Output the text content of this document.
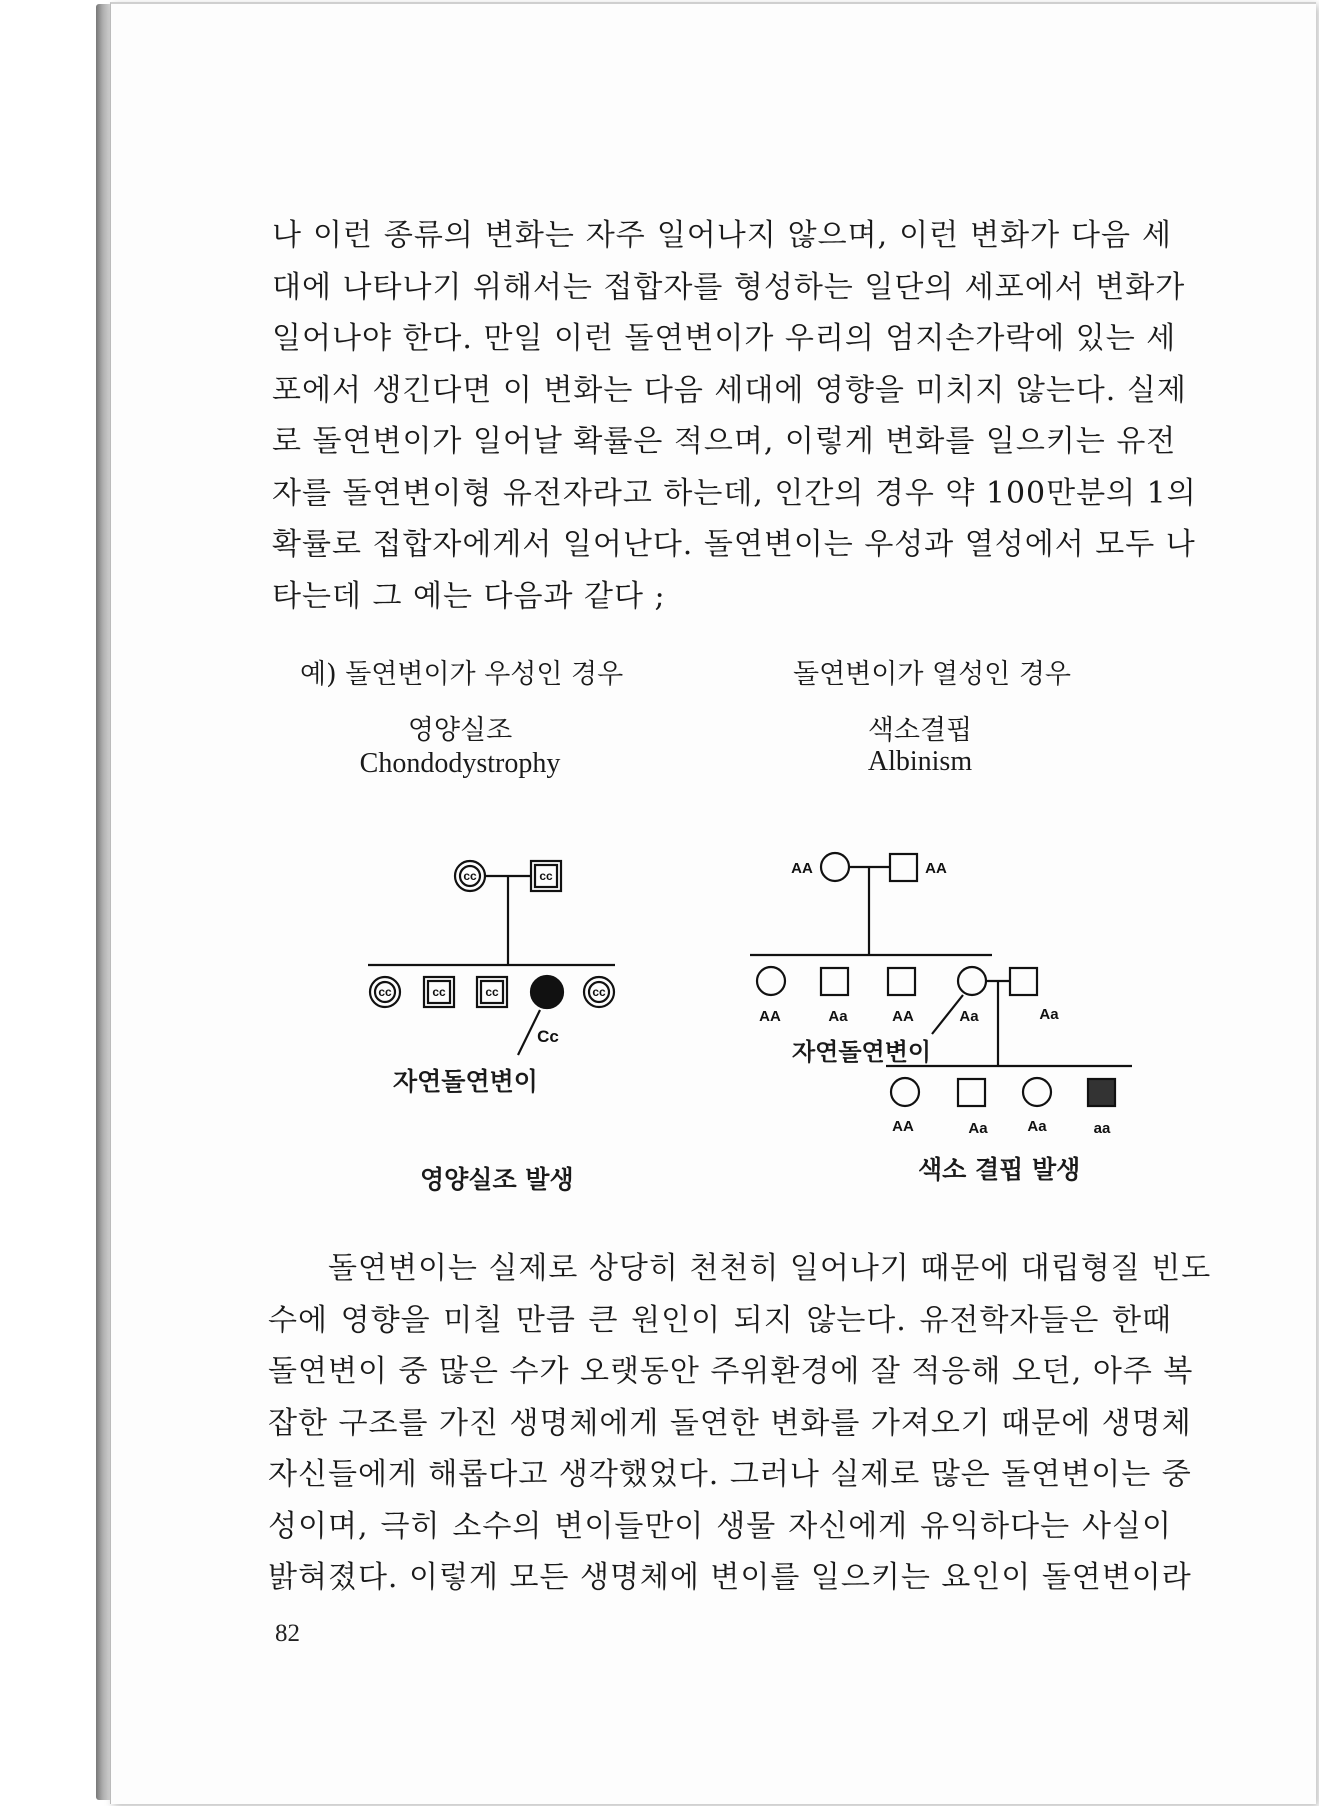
나 이런 종류의 변화는 자주 일어나지 않으며, 이런 변화가 다음 세
대에 나타나기 위해서는 접합자를 형성하는 일단의 세포에서 변화가
일어나야 한다. 만일 이런 돌연변이가 우리의 엄지손가락에 있는 세
포에서 생긴다면 이 변화는 다음 세대에 영향을 미치지 않는다. 실제
로 돌연변이가 일어날 확률은 적으며, 이렇게 변화를 일으키는 유전
자를 돌연변이형 유전자라고 하는데, 인간의 경우 약 100만분의 1의
확률로 접합자에게서 일어난다. 돌연변이는 우성과 열성에서 모두 나
타는데 그 예는 다음과 같다 ;
예) 돌연변이가 우성인 경우	돌연변이가 열성인 경우
영양실조
Chondodystrophy
색소결핍
Albinism
cc	cc
cc	cc	cc	cc
Cc
자연돌연변이
영양실조 발생
AA	AA
AA	Aa	AA	Aa	Aa
AA	Aa	Aa	aa
자연돌연변이
색소 결핍 발생
돌연변이는 실제로 상당히 천천히 일어나기 때문에 대립형질 빈도
수에 영향을 미칠 만큼 큰 원인이 되지 않는다. 유전학자들은 한때
돌연변이 중 많은 수가 오랫동안 주위환경에 잘 적응해 오던, 아주 복
잡한 구조를 가진 생명체에게 돌연한 변화를 가져오기 때문에 생명체
자신들에게 해롭다고 생각했었다. 그러나 실제로 많은 돌연변이는 중
성이며, 극히 소수의 변이들만이 생물 자신에게 유익하다는 사실이
밝혀졌다. 이렇게 모든 생명체에 변이를 일으키는 요인이 돌연변이라
82
